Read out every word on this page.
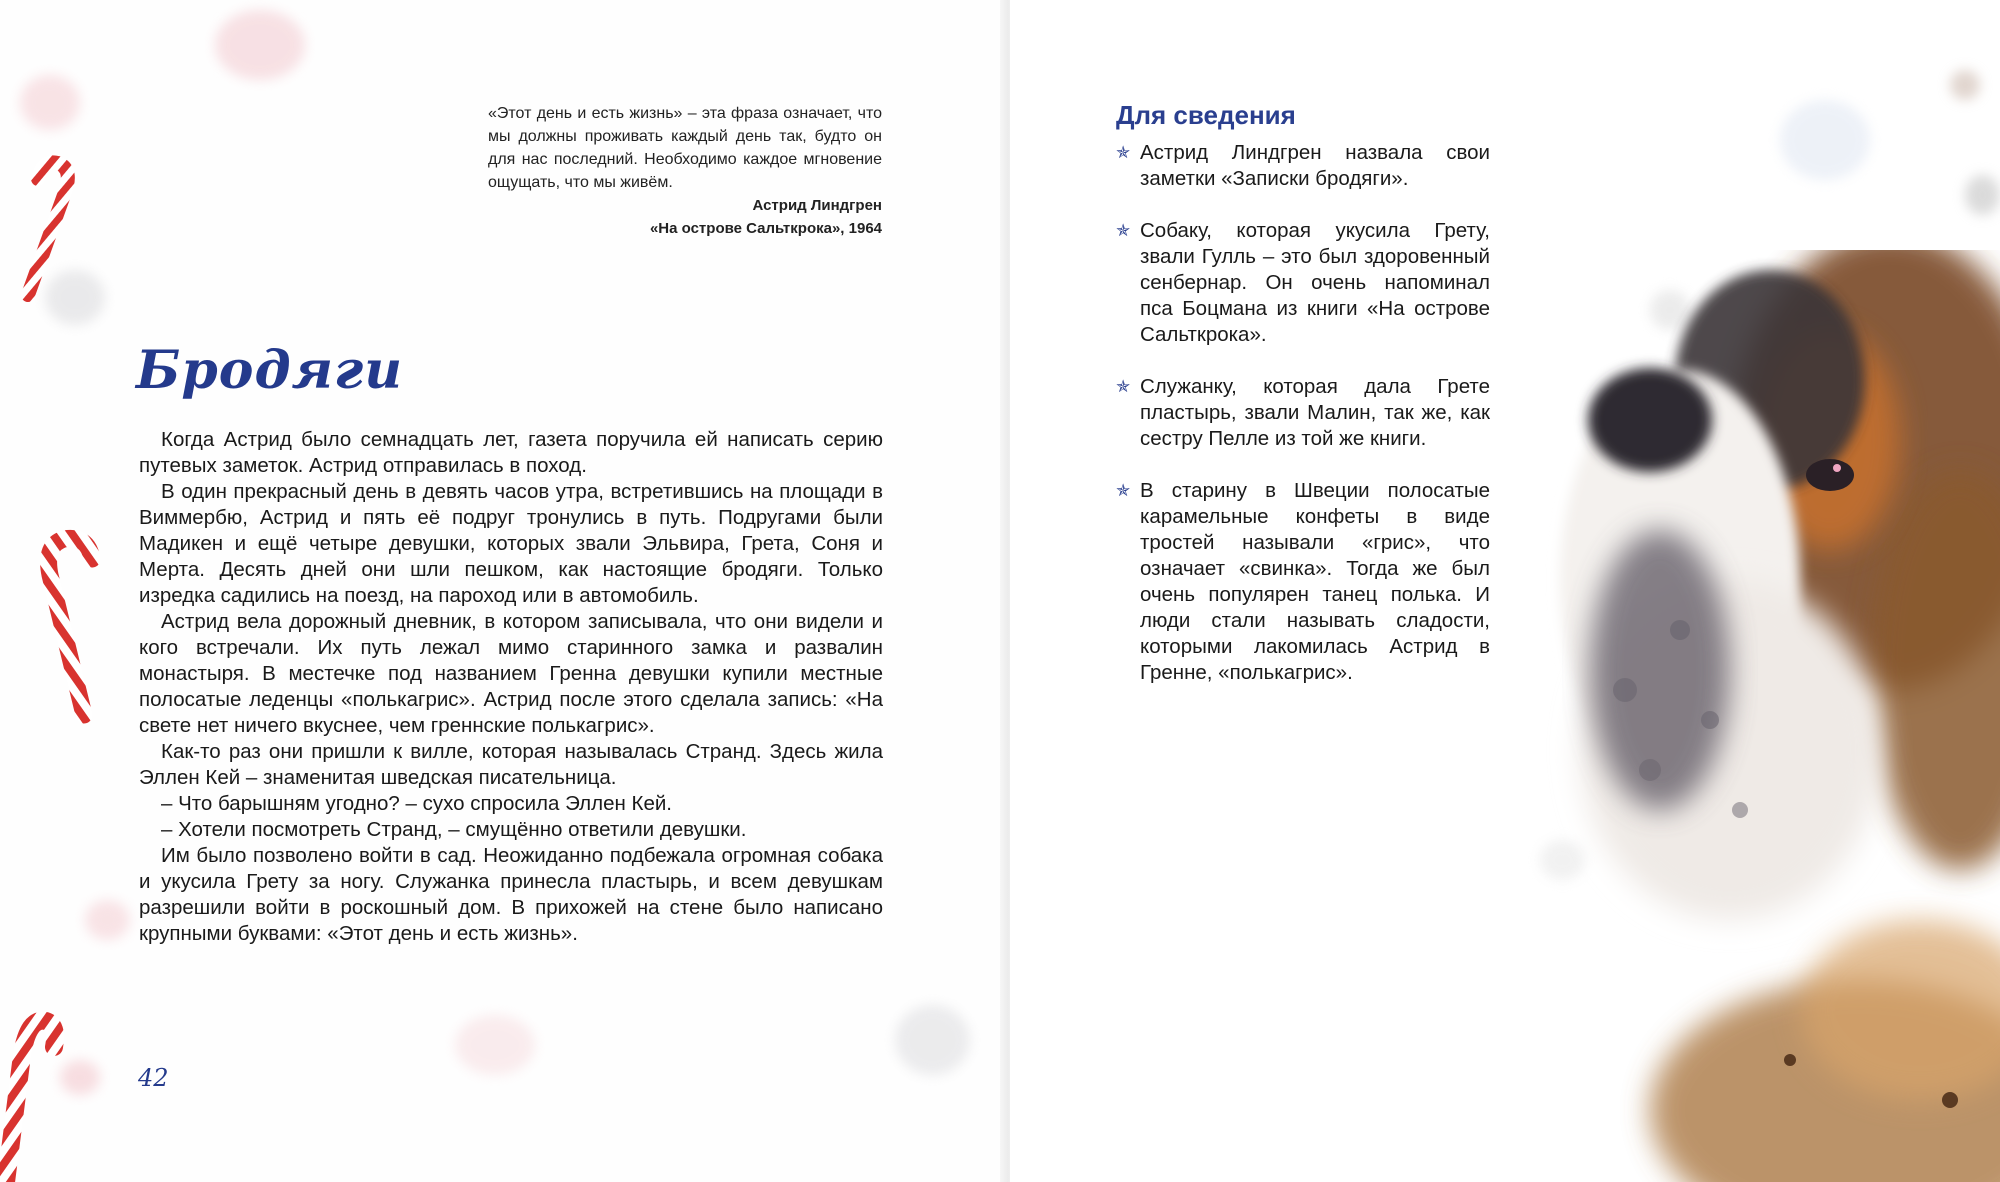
«Этот день и есть жизнь» – эта фраза означает, что мы должны проживать каждый день так, будто он для нас последний. Необходимо каждое мгновение ощущать, что мы живём.

Астрид Линдгрен

«На острове Сальткрока», 1964

Бродяги

Когда Астрид было семнадцать лет, газета поручила ей написать серию путевых заметок. Астрид отправилась в поход.

В один прекрасный день в девять часов утра, встретившись на площади в Виммербю, Астрид и пять её подруг тронулись в путь. Подругами были Мадикен и ещё четыре девушки, которых звали Эльвира, Грета, Соня и Мерта. Десять дней они шли пешком, как настоящие бродяги. Только изредка садились на поезд, на пароход или в автомобиль.

Астрид вела дорожный дневник, в котором записывала, что они видели и кого встречали. Их путь лежал мимо старинного замка и развалин монастыря. В местечке под названием Гренна девушки купили местные полосатые леденцы «полькагрис». Астрид после этого сделала запись: «На свете нет ничего вкуснее, чем греннские полькагрис».

Как-то раз они пришли к вилле, которая называлась Странд. Здесь жила Эллен Кей – знаменитая шведская писательница.

– Что барышням угодно? – сухо спросила Эллен Кей.

– Хотели посмотреть Странд, – смущённо ответили девушки.

Им было позволено войти в сад. Неожиданно подбежала огромная собака и укусила Грету за ногу. Служанка принесла пластырь, и всем девушкам разрешили войти в роскошный дом. В прихожей на стене было написано крупными буквами: «Этот день и есть жизнь».

42
Для сведения
✯ Астрид Линдгрен назвала свои заметки «Записки бродяги».
✯ Собаку, которая укусила Грету, звали Гулль – это был здоровенный сенбернар. Он очень напоминал пса Боцмана из книги «На острове Сальткрока».
✯ Служанку, которая дала Грете пластырь, звали Малин, так же, как сестру Пелле из той же книги.
✯ В старину в Швеции полосатые карамельные конфеты в виде тростей называли «грис», что означает «свинка». Тогда же был очень популярен танец полька. И люди стали называть сладости, которыми лакомилась Астрид в Гренне, «полькагрис».
